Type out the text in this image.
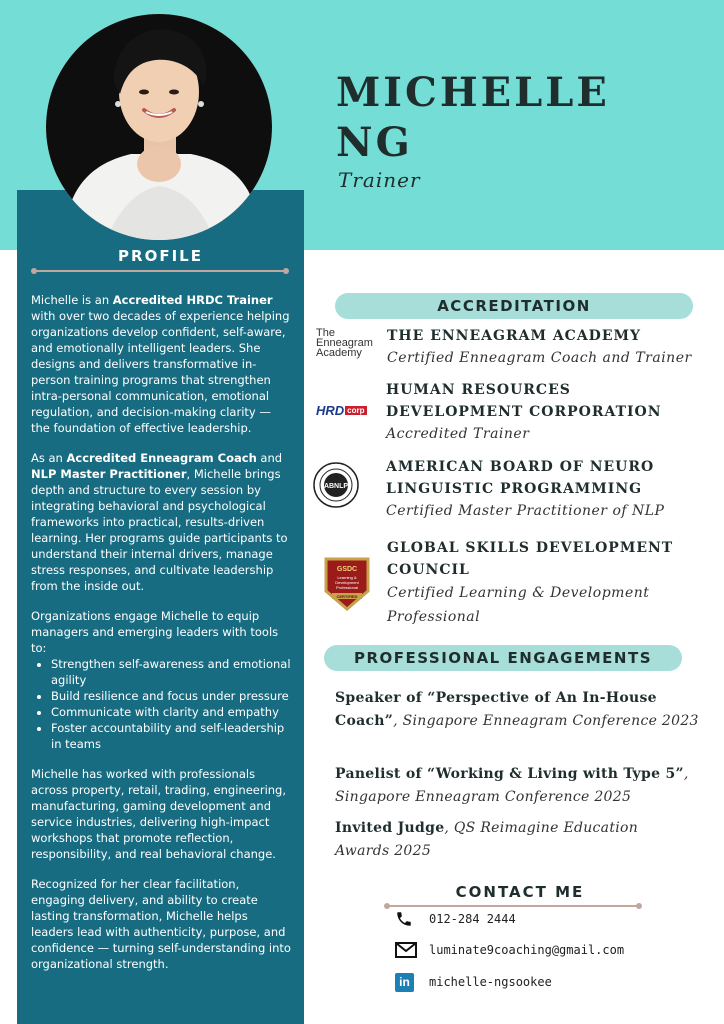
MICHELLE
NG
Trainer
PROFILE

Michelle is an Accredited HRDC Trainer with over two decades of experience helping organizations develop confident, self-aware, and emotionally intelligent leaders. She designs and delivers transformative in-person training programs that strengthen intra-personal communication, emotional regulation, and decision-making clarity — the foundation of effective leadership.

As an Accredited Enneagram Coach and NLP Master Practitioner, Michelle brings depth and structure to every session by integrating behavioral and psychological frameworks into practical, results-driven learning. Her programs guide participants to understand their internal drivers, manage stress responses, and cultivate leadership from the inside out.

Organizations engage Michelle to equip managers and emerging leaders with tools to:

• Strengthen self-awareness and emotional agility
• Build resilience and focus under pressure
• Communicate with clarity and empathy
• Foster accountability and self-leadership in teams

Michelle has worked with professionals across property, retail, trading, engineering, manufacturing, gaming development and service industries, delivering high-impact workshops that promote reflection, responsibility, and real behavioral change.

Recognized for her clear facilitation, engaging delivery, and ability to create lasting transformation, Michelle helps leaders lead with authenticity, purpose, and confidence — turning self-understanding into organizational strength.

ACCREDITATION
The
Enneagram
Academy
THE ENNEAGRAM ACADEMY
Certified Enneagram Coach and Trainer
HRD corp
HUMAN RESOURCES DEVELOPMENT CORPORATION
Accredited Trainer
ABNLP
AMERICAN BOARD OF NEURO LINGUISTIC PROGRAMMING
Certified Master Practitioner of NLP
GSDC
Learning &
Development
Professional
CERTIFIED
GLOBAL SKILLS DEVELOPMENT COUNCIL
Certified Learning & Development Professional
PROFESSIONAL ENGAGEMENTS
Speaker of “Perspective of An In-House Coach”, Singapore Enneagram Conference 2023
Panelist of “Working & Living with Type 5”, Singapore Enneagram Conference 2025
Invited Judge, QS Reimagine Education Awards 2025
CONTACT ME
012-284 2444
luminate9coaching@gmail.com
in	michelle-ngsookee
